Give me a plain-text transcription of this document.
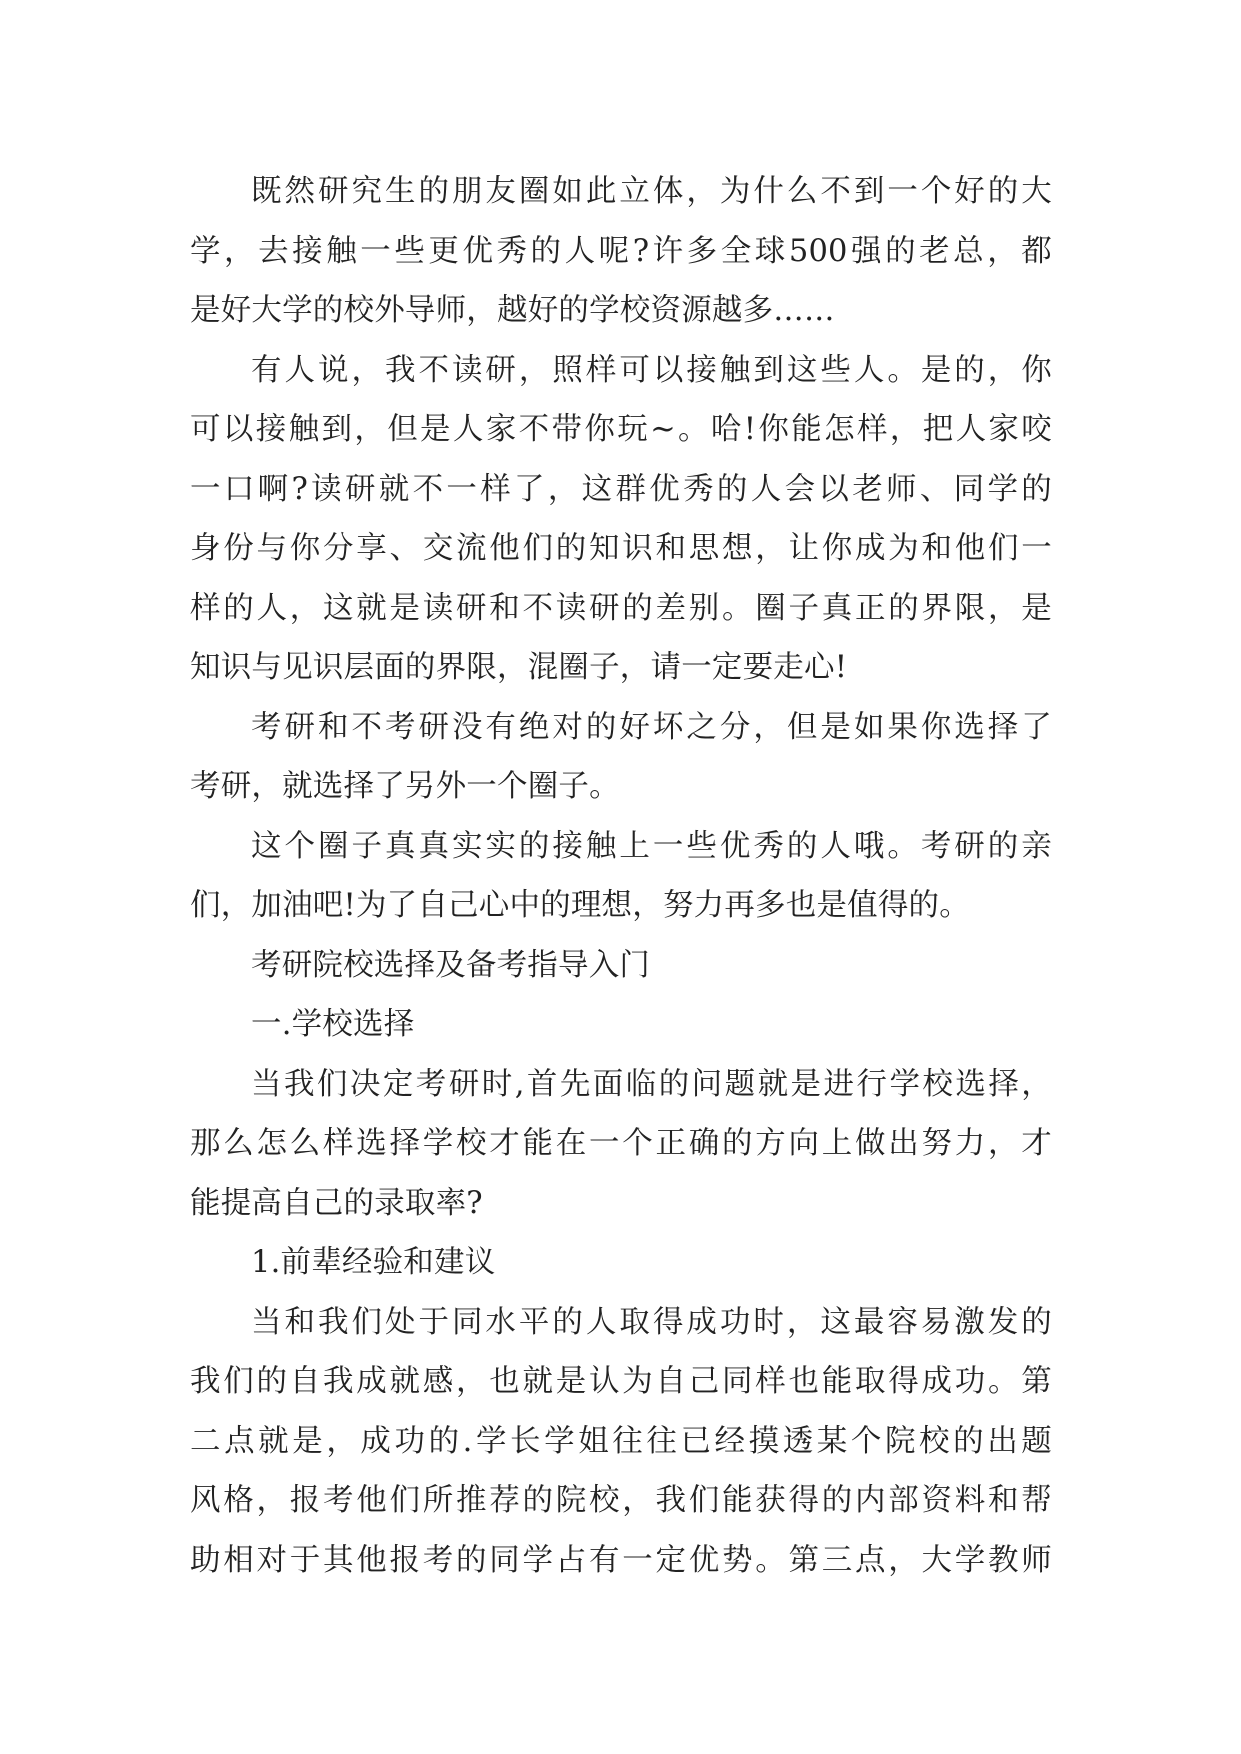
既然研究生的朋友圈如此立体，为什么不到一个好的大
学，去接触一些更优秀的人呢?许多全球500强的老总，都
是好大学的校外导师，越好的学校资源越多……

有人说，我不读研，照样可以接触到这些人。是的，你
可以接触到，但是人家不带你玩~。哈!你能怎样，把人家咬
一口啊?读研就不一样了，这群优秀的人会以老师、同学的
身份与你分享、交流他们的知识和思想，让你成为和他们一
样的人，这就是读研和不读研的差别。圈子真正的界限，是
知识与见识层面的界限，混圈子，请一定要走心!

考研和不考研没有绝对的好坏之分，但是如果你选择了
考研，就选择了另外一个圈子。

这个圈子真真实实的接触上一些优秀的人哦。考研的亲
们，加油吧!为了自己心中的理想，努力再多也是值得的。

考研院校选择及备考指导入门

一.学校选择

当我们决定考研时,首先面临的问题就是进行学校选择，
那么怎么样选择学校才能在一个正确的方向上做出努力，才
能提高自己的录取率?

1.前辈经验和建议

当和我们处于同水平的人取得成功时，这最容易激发的
我们的自我成就感，也就是认为自己同样也能取得成功。第
二点就是，成功的.学长学姐往往已经摸透某个院校的出题
风格，报考他们所推荐的院校，我们能获得的内部资料和帮
助相对于其他报考的同学占有一定优势。第三点，大学教师
